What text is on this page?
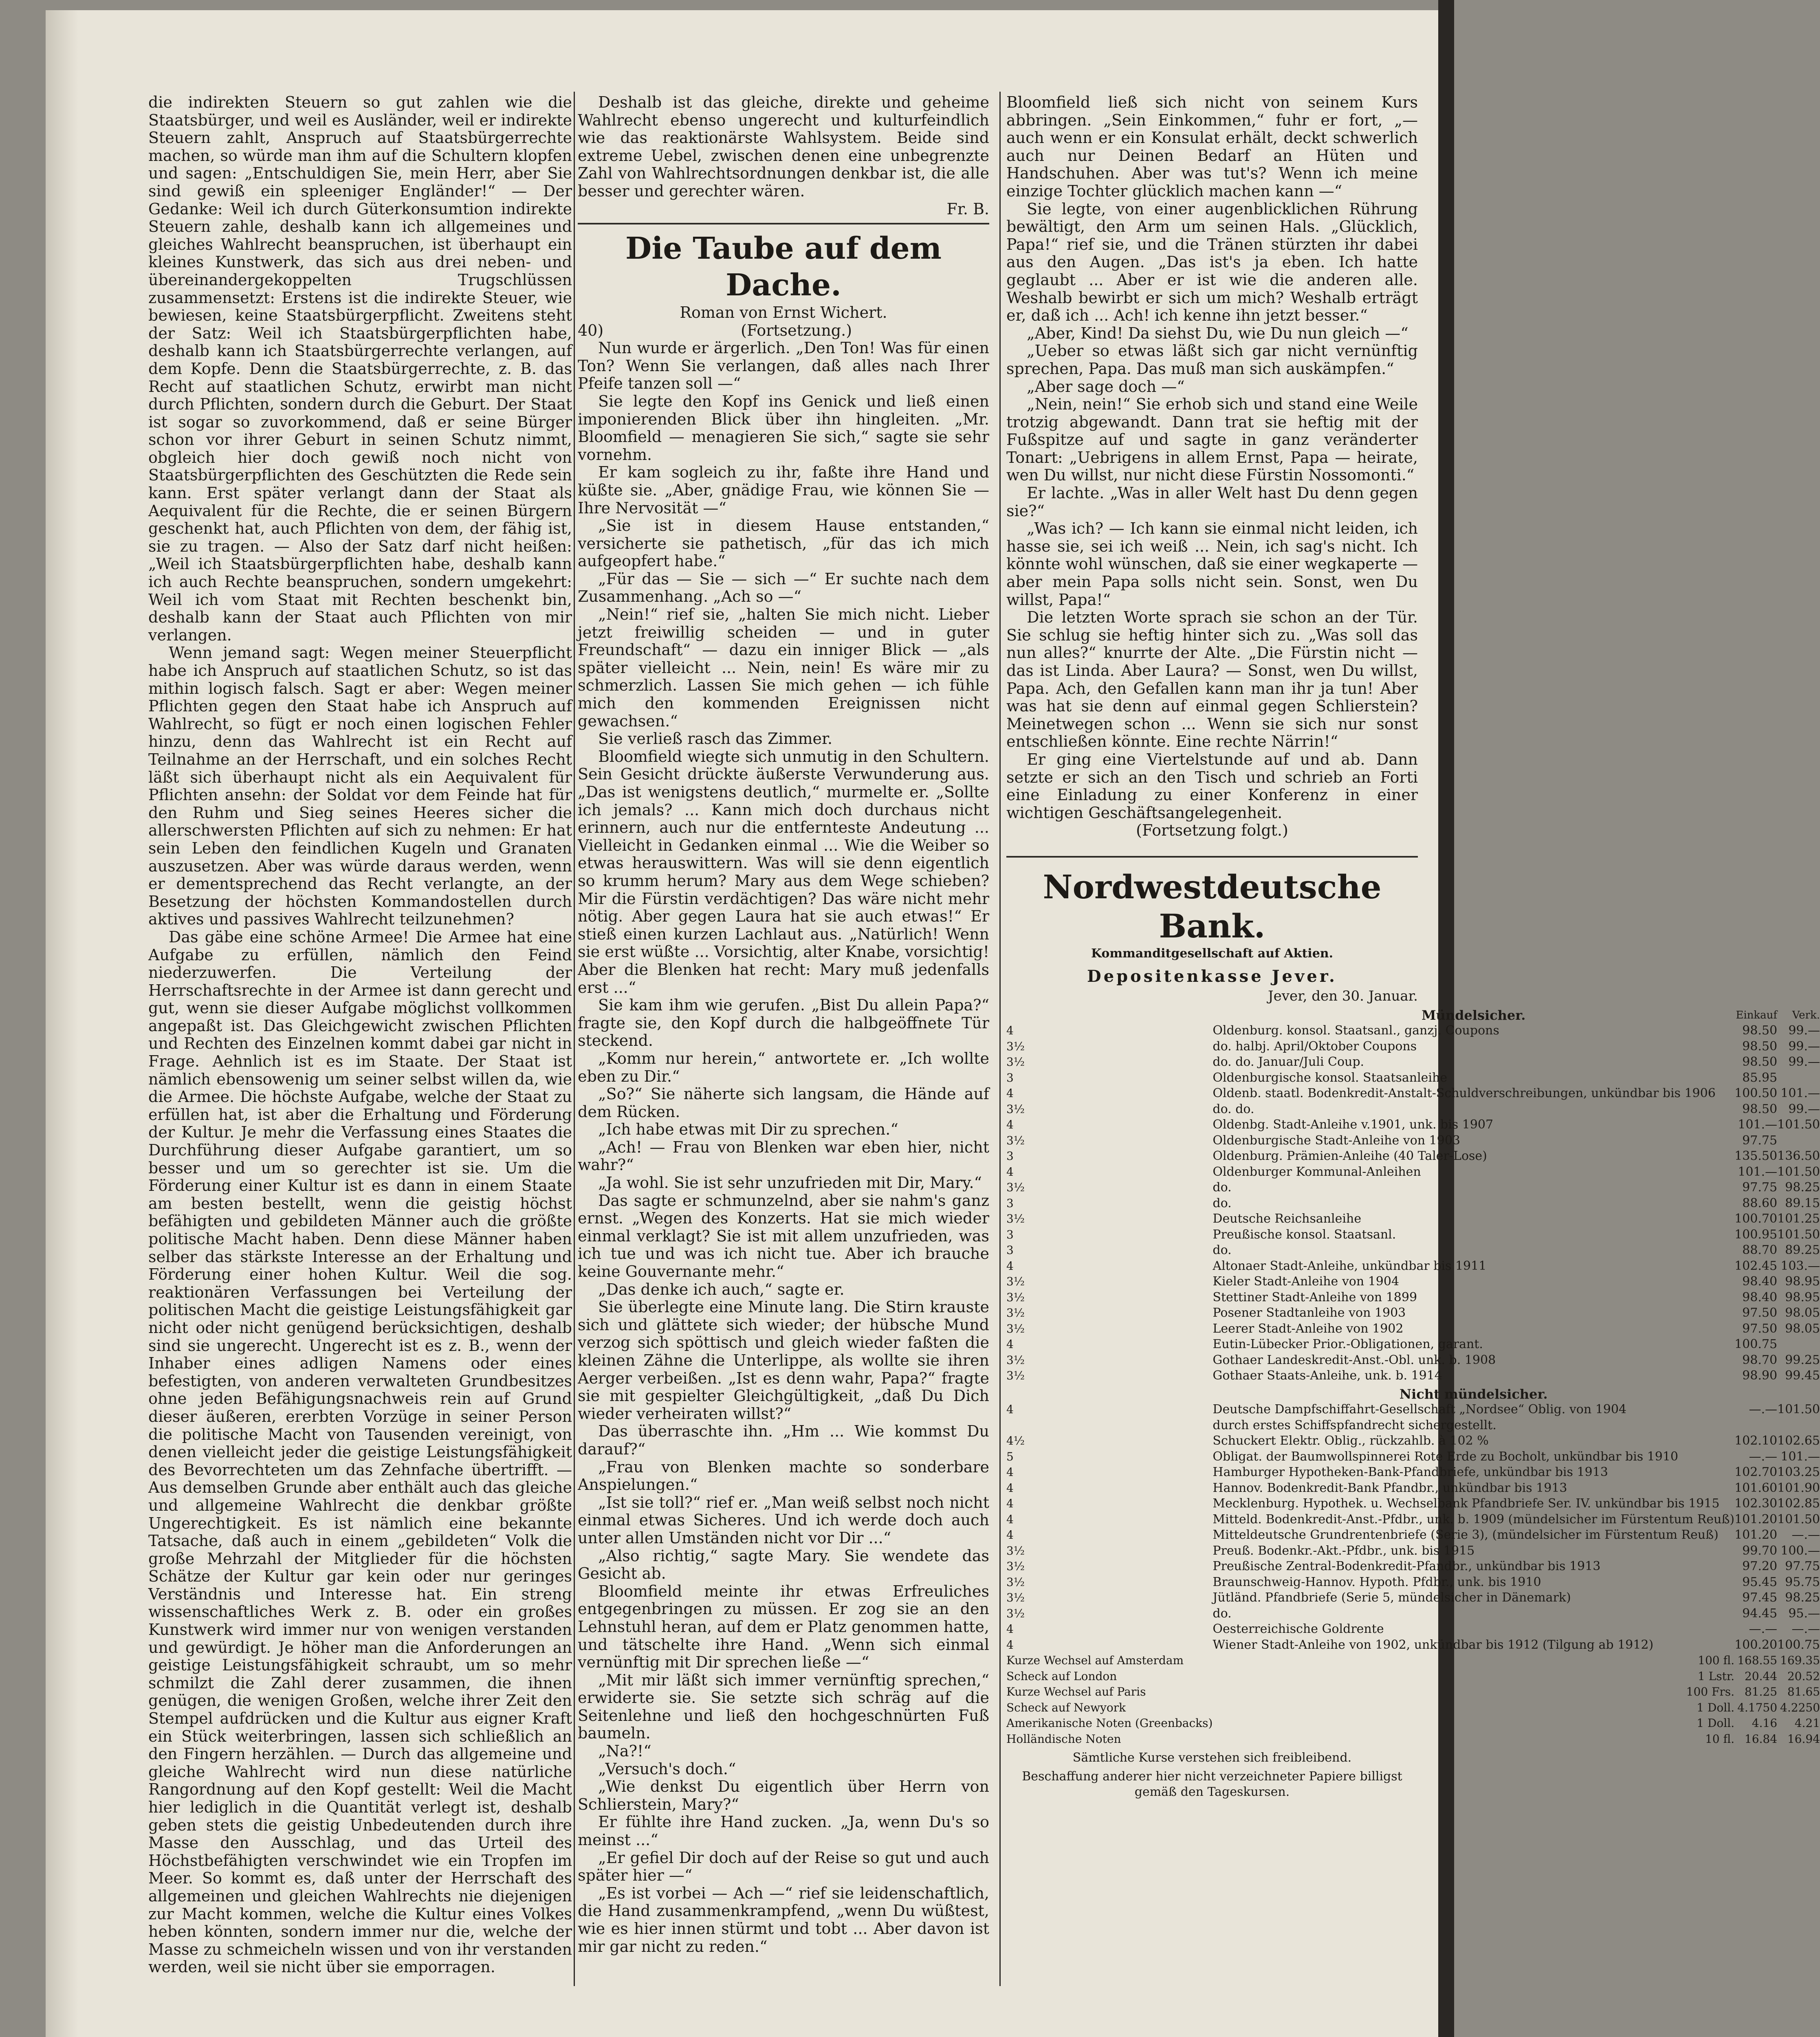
die indirekten Steuern so gut zahlen wie die Staatsbürger, und weil es Ausländer, weil er indirekte Steuern zahlt, Anspruch auf Staatsbürgerrechte machen, so würde man ihm auf die Schultern klopfen und sagen: „Entschuldigen Sie, mein Herr, aber Sie sind gewiß ein spleeniger Engländer!“ — Der Gedanke: Weil ich durch Güterkonsumtion indirekte Steuern zahle, deshalb kann ich allgemeines und gleiches Wahlrecht beanspruchen, ist überhaupt ein kleines Kunstwerk, das sich aus drei neben- und übereinandergekoppelten Trugschlüssen zusammensetzt: Erstens ist die indirekte Steuer, wie bewiesen, keine Staatsbürgerpflicht. Zweitens steht der Satz: Weil ich Staatsbürgerpflichten habe, deshalb kann ich Staatsbürgerrechte verlangen, auf dem Kopfe. Denn die Staatsbürgerrechte, z. B. das Recht auf staatlichen Schutz, erwirbt man nicht durch Pflichten, sondern durch die Geburt. Der Staat ist sogar so zuvorkommend, daß er seine Bürger schon vor ihrer Geburt in seinen Schutz nimmt, obgleich hier doch gewiß noch nicht von Staatsbürgerpflichten des Geschützten die Rede sein kann. Erst später verlangt dann der Staat als Aequivalent für die Rechte, die er seinen Bürgern geschenkt hat, auch Pflichten von dem, der fähig ist, sie zu tragen. — Also der Satz darf nicht heißen: „Weil ich Staatsbürgerpflichten habe, deshalb kann ich auch Rechte beanspruchen, sondern umgekehrt: Weil ich vom Staat mit Rechten beschenkt bin, deshalb kann der Staat auch Pflichten von mir verlangen.

Wenn jemand sagt: Wegen meiner Steuerpflicht habe ich Anspruch auf staatlichen Schutz, so ist das mithin logisch falsch. Sagt er aber: Wegen meiner Pflichten gegen den Staat habe ich Anspruch auf Wahlrecht, so fügt er noch einen logischen Fehler hinzu, denn das Wahlrecht ist ein Recht auf Teilnahme an der Herrschaft, und ein solches Recht läßt sich überhaupt nicht als ein Aequivalent für Pflichten ansehn: der Soldat vor dem Feinde hat für den Ruhm und Sieg seines Heeres sicher die allerschwersten Pflichten auf sich zu nehmen: Er hat sein Leben den feindlichen Kugeln und Granaten auszusetzen. Aber was würde daraus werden, wenn er dementsprechend das Recht verlangte, an der Besetzung der höchsten Kommandostellen durch aktives und passives Wahlrecht teilzunehmen?

Das gäbe eine schöne Armee! Die Armee hat eine Aufgabe zu erfüllen, nämlich den Feind niederzuwerfen. Die Verteilung der Herrschaftsrechte in der Armee ist dann gerecht und gut, wenn sie dieser Aufgabe möglichst vollkommen angepaßt ist. Das Gleichgewicht zwischen Pflichten und Rechten des Einzelnen kommt dabei gar nicht in Frage. Aehnlich ist es im Staate. Der Staat ist nämlich ebensowenig um seiner selbst willen da, wie die Armee. Die höchste Aufgabe, welche der Staat zu erfüllen hat, ist aber die Erhaltung und Förderung der Kultur. Je mehr die Verfassung eines Staates die Durchführung dieser Aufgabe garantiert, um so besser und um so gerechter ist sie. Um die Förderung einer Kultur ist es dann in einem Staate am besten bestellt, wenn die geistig höchst befähigten und gebildeten Männer auch die größte politische Macht haben. Denn diese Männer haben selber das stärkste Interesse an der Erhaltung und Förderung einer hohen Kultur. Weil die sog. reaktionären Verfassungen bei Verteilung der politischen Macht die geistige Leistungsfähigkeit gar nicht oder nicht genügend berücksichtigen, deshalb sind sie ungerecht. Ungerecht ist es z. B., wenn der Inhaber eines adligen Namens oder eines befestigten, von anderen verwalteten Grundbesitzes ohne jeden Befähigungsnachweis rein auf Grund dieser äußeren, ererbten Vorzüge in seiner Person die politische Macht von Tausenden vereinigt, von denen vielleicht jeder die geistige Leistungsfähigkeit des Bevorrechteten um das Zehnfache übertrifft. — Aus demselben Grunde aber enthält auch das gleiche und allgemeine Wahlrecht die denkbar größte Ungerechtigkeit. Es ist nämlich eine bekannte Tatsache, daß auch in einem „gebildeten“ Volk die große Mehrzahl der Mitglieder für die höchsten Schätze der Kultur gar kein oder nur geringes Verständnis und Interesse hat. Ein streng wissenschaftliches Werk z. B. oder ein großes Kunstwerk wird immer nur von wenigen verstanden und gewürdigt. Je höher man die Anforderungen an geistige Leistungsfähigkeit schraubt, um so mehr schmilzt die Zahl derer zusammen, die ihnen genügen, die wenigen Großen, welche ihrer Zeit den Stempel aufdrücken und die Kultur aus eigner Kraft ein Stück weiterbringen, lassen sich schließlich an den Fingern herzählen. — Durch das allgemeine und gleiche Wahlrecht wird nun diese natürliche Rangordnung auf den Kopf gestellt: Weil die Macht hier lediglich in die Quantität verlegt ist, deshalb geben stets die geistig Unbedeutenden durch ihre Masse den Ausschlag, und das Urteil des Höchstbefähigten verschwindet wie ein Tropfen im Meer. So kommt es, daß unter der Herrschaft des allgemeinen und gleichen Wahlrechts nie diejenigen zur Macht kommen, welche die Kultur eines Volkes heben könnten, sondern immer nur die, welche der Masse zu schmeicheln wissen und von ihr verstanden werden, weil sie nicht über sie emporragen.

Deshalb ist das gleiche, direkte und geheime Wahlrecht ebenso ungerecht und kulturfeindlich wie das reaktionärste Wahlsystem. Beide sind extreme Uebel, zwischen denen eine unbegrenzte Zahl von Wahlrechtsordnungen denkbar ist, die alle besser und gerechter wären.

Fr. B.
Die Taube auf dem Dache.
Roman von Ernst Wichert.
40)	(Fortsetzung.)

Nun wurde er ärgerlich. „Den Ton! Was für einen Ton? Wenn Sie verlangen, daß alles nach Ihrer Pfeife tanzen soll —“

Sie legte den Kopf ins Genick und ließ einen imponierenden Blick über ihn hingleiten. „Mr. Bloomfield — menagieren Sie sich,“ sagte sie sehr vornehm.

Er kam sogleich zu ihr, faßte ihre Hand und küßte sie. „Aber, gnädige Frau, wie können Sie — Ihre Nervosität —“

„Sie ist in diesem Hause entstanden,“ versicherte sie pathetisch, „für das ich mich aufgeopfert habe.“

„Für das — Sie — sich —“ Er suchte nach dem Zusammenhang. „Ach so —“

„Nein!“ rief sie, „halten Sie mich nicht. Lieber jetzt freiwillig scheiden — und in guter Freundschaft“ — dazu ein inniger Blick — „als später vielleicht ... Nein, nein! Es wäre mir zu schmerzlich. Lassen Sie mich gehen — ich fühle mich den kommenden Ereignissen nicht gewachsen.“

Sie verließ rasch das Zimmer.

Bloomfield wiegte sich unmutig in den Schultern. Sein Gesicht drückte äußerste Verwunderung aus. „Das ist wenigstens deutlich,“ murmelte er. „Sollte ich jemals? ... Kann mich doch durchaus nicht erinnern, auch nur die entfernteste Andeutung ... Vielleicht in Gedanken einmal ... Wie die Weiber so etwas herauswittern. Was will sie denn eigentlich so krumm herum? Mary aus dem Wege schieben? Mir die Fürstin verdächtigen? Das wäre nicht mehr nötig. Aber gegen Laura hat sie auch etwas!“ Er stieß einen kurzen Lachlaut aus. „Natürlich! Wenn sie erst wüßte ... Vorsichtig, alter Knabe, vorsichtig! Aber die Blenken hat recht: Mary muß jedenfalls erst ...“

Sie kam ihm wie gerufen. „Bist Du allein Papa?“ fragte sie, den Kopf durch die halbgeöffnete Tür steckend.

„Komm nur herein,“ antwortete er. „Ich wollte eben zu Dir.“

„So?“ Sie näherte sich langsam, die Hände auf dem Rücken.

„Ich habe etwas mit Dir zu sprechen.“

„Ach! — Frau von Blenken war eben hier, nicht wahr?“

„Ja wohl. Sie ist sehr unzufrieden mit Dir, Mary.“

Das sagte er schmunzelnd, aber sie nahm's ganz ernst. „Wegen des Konzerts. Hat sie mich wieder einmal verklagt? Sie ist mit allem unzufrieden, was ich tue und was ich nicht tue. Aber ich brauche keine Gouvernante mehr.“

„Das denke ich auch,“ sagte er.

Sie überlegte eine Minute lang. Die Stirn krauste sich und glättete sich wieder; der hübsche Mund verzog sich spöttisch und gleich wieder faßten die kleinen Zähne die Unterlippe, als wollte sie ihren Aerger verbeißen. „Ist es denn wahr, Papa?“ fragte sie mit gespielter Gleichgültigkeit, „daß Du Dich wieder verheiraten willst?“

Das überraschte ihn. „Hm ... Wie kommst Du darauf?“

„Frau von Blenken machte so sonderbare Anspielungen.“

„Ist sie toll?“ rief er. „Man weiß selbst noch nicht einmal etwas Sicheres. Und ich werde doch auch unter allen Umständen nicht vor Dir ...“

„Also richtig,“ sagte Mary. Sie wendete das Gesicht ab.

Bloomfield meinte ihr etwas Erfreuliches entgegenbringen zu müssen. Er zog sie an den Lehnstuhl heran, auf dem er Platz genommen hatte, und tätschelte ihre Hand. „Wenn sich einmal vernünftig mit Dir sprechen ließe —“

„Mit mir läßt sich immer vernünftig sprechen,“ erwiderte sie. Sie setzte sich schräg auf die Seitenlehne und ließ den hochgeschnürten Fuß baumeln.

„Na?!“

„Versuch's doch.“

„Wie denkst Du eigentlich über Herrn von Schlierstein, Mary?“

Er fühlte ihre Hand zucken. „Ja, wenn Du's so meinst ...“

„Er gefiel Dir doch auf der Reise so gut und auch später hier —“

„Es ist vorbei — Ach —“ rief sie leidenschaftlich, die Hand zusammenkrampfend, „wenn Du wüßtest, wie es hier innen stürmt und tobt ... Aber davon ist mir gar nicht zu reden.“

Bloomfield ließ sich nicht von seinem Kurs abbringen. „Sein Einkommen,“ fuhr er fort, „— auch wenn er ein Konsulat erhält, deckt schwerlich auch nur Deinen Bedarf an Hüten und Handschuhen. Aber was tut's? Wenn ich meine einzige Tochter glücklich machen kann —“

Sie legte, von einer augenblicklichen Rührung bewältigt, den Arm um seinen Hals. „Glücklich, Papa!“ rief sie, und die Tränen stürzten ihr dabei aus den Augen. „Das ist's ja eben. Ich hatte geglaubt ... Aber er ist wie die anderen alle. Weshalb bewirbt er sich um mich? Weshalb erträgt er, daß ich ... Ach! ich kenne ihn jetzt besser.“

„Aber, Kind! Da siehst Du, wie Du nun gleich —“

„Ueber so etwas läßt sich gar nicht vernünftig sprechen, Papa. Das muß man sich auskämpfen.“

„Aber sage doch —“

„Nein, nein!“ Sie erhob sich und stand eine Weile trotzig abgewandt. Dann trat sie heftig mit der Fußspitze auf und sagte in ganz veränderter Tonart: „Uebrigens in allem Ernst, Papa — heirate, wen Du willst, nur nicht diese Fürstin Nossomonti.“

Er lachte. „Was in aller Welt hast Du denn gegen sie?“

„Was ich? — Ich kann sie einmal nicht leiden, ich hasse sie, sei ich weiß ... Nein, ich sag's nicht. Ich könnte wohl wünschen, daß sie einer wegkaperte — aber mein Papa solls nicht sein. Sonst, wen Du willst, Papa!“

Die letzten Worte sprach sie schon an der Tür. Sie schlug sie heftig hinter sich zu. „Was soll das nun alles?“ knurrte der Alte. „Die Fürstin nicht — das ist Linda. Aber Laura? — Sonst, wen Du willst, Papa. Ach, den Gefallen kann man ihr ja tun! Aber was hat sie denn auf einmal gegen Schlierstein? Meinetwegen schon ... Wenn sie sich nur sonst entschließen könnte. Eine rechte Närrin!“

Er ging eine Viertelstunde auf und ab. Dann setzte er sich an den Tisch und schrieb an Forti eine Einladung zu einer Konferenz in einer wichtigen Geschäftsangelegenheit.

(Fortsetzung folgt.)
Nordwestdeutsche Bank.
Kommanditgesellschaft auf Aktien.
Depositenkasse Jever.
Jever, den 30. Januar.
	Mündelsicher.	Einkauf	Verk.
4	Oldenburg. konsol. Staatsanl., ganzj. Coupons	98.50	99.—
3½	do. halbj. April/Oktober Coupons	98.50	99.—
3½	do. do. Januar/Juli Coup.	98.50	99.—
3	Oldenburgische konsol. Staatsanleihe	85.95	
4	Oldenb. staatl. Bodenkredit-Anstalt-Schuldverschreibungen, unkündbar bis 1906	100.50	101.—
3½	do. do.	98.50	99.—
4	Oldenbg. Stadt-Anleihe v.1901, unk. bis 1907	101.—	101.50
3½	Oldenburgische Stadt-Anleihe von 1903	97.75	
3	Oldenburg. Prämien-Anleihe (40 Taler-Lose)	135.50	136.50
4	Oldenburger Kommunal-Anleihen	101.—	101.50
3½	do.	97.75	98.25
3	do.	88.60	89.15
3½	Deutsche Reichsanleihe	100.70	101.25
3	Preußische konsol. Staatsanl.	100.95	101.50
3	do.	88.70	89.25
4	Altonaer Stadt-Anleihe, unkündbar bis 1911	102.45	103.—
3½	Kieler Stadt-Anleihe von 1904	98.40	98.95
3½	Stettiner Stadt-Anleihe von 1899	98.40	98.95
3½	Posener Stadtanleihe von 1903	97.50	98.05
3½	Leerer Stadt-Anleihe von 1902	97.50	98.05
4	Eutin-Lübecker Prior.-Obligationen, garant.	100.75	
3½	Gothaer Landeskredit-Anst.-Obl. unk. b. 1908	98.70	99.25
3½	Gothaer Staats-Anleihe, unk. b. 1914	98.90	99.45
	Nicht mündelsicher.		
4	Deutsche Dampfschiffahrt-Gesellschaft „Nordsee“ Oblig. von 1904	—.—	101.50
	durch erstes Schiffspfandrecht sichergestellt.		
4½	Schuckert Elektr. Oblig., rückzahlb. à 102 %	102.10	102.65
5	Obligat. der Baumwollspinnerei Rote Erde zu Bocholt, unkündbar bis 1910	—.—	101.—
4	Hamburger Hypotheken-Bank-Pfandbriefe, unkündbar bis 1913	102.70	103.25
4	Hannov. Bodenkredit-Bank Pfandbr., unkündbar bis 1913	101.60	101.90
4	Mecklenburg. Hypothek. u. Wechselbank Pfandbriefe Ser. IV. unkündbar bis 1915	102.30	102.85
4	Mitteld. Bodenkredit-Anst.-Pfdbr., unk. b. 1909 (mündelsicher im Fürstentum Reuß)	101.20	101.50
4	Mitteldeutsche Grundrentenbriefe (Serie 3), (mündelsicher im Fürstentum Reuß)	101.20	—.—
3½	Preuß. Bodenkr.-Akt.-Pfdbr., unk. bis 1915	99.70	100.—
3½	Preußische Zentral-Bodenkredit-Pfandbr., unkündbar bis 1913	97.20	97.75
3½	Braunschweig-Hannov. Hypoth. Pfdbr., unk. bis 1910	95.45	95.75
3½	Jütländ. Pfandbriefe (Serie 5, mündelsicher in Dänemark)	97.45	98.25
3½	do.	94.45	95.—
4	Oesterreichische Goldrente	—.—	—.—
4	Wiener Stadt-Anleihe von 1902, unkündbar bis 1912 (Tilgung ab 1912)	100.20	100.75
Kurze Wechsel auf Amsterdam	100 fl.	168.55	169.35
Scheck auf London	1 Lstr.	20.44	20.52
Kurze Wechsel auf Paris	100 Frs.	81.25	81.65
Scheck auf Newyork	1 Doll.	4.1750	4.2250
Amerikanische Noten (Greenbacks)	1 Doll.	4.16	4.21
Holländische Noten	10 fl.	16.84	16.94
Sämtliche Kurse verstehen sich freibleibend.
Beschaffung anderer hier nicht verzeichneter Papiere billigst gemäß den Tageskursen.
